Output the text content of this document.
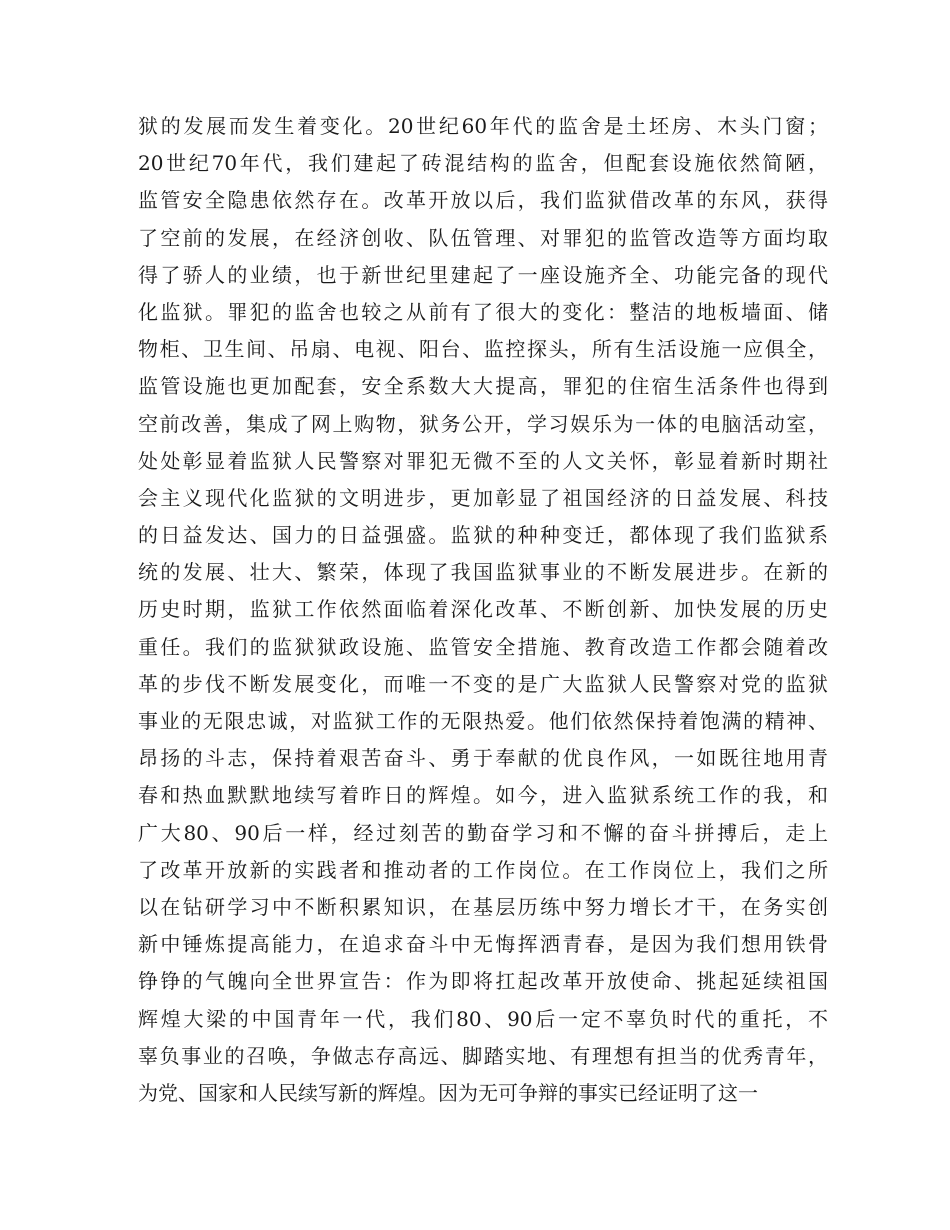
狱的发展而发生着变化。20世纪60年代的监舍是土坯房、木头门窗；
20世纪70年代，我们建起了砖混结构的监舍，但配套设施依然简陋，
监管安全隐患依然存在。改革开放以后，我们监狱借改革的东风，获得
了空前的发展，在经济创收、队伍管理、对罪犯的监管改造等方面均取
得了骄人的业绩，也于新世纪里建起了一座设施齐全、功能完备的现代
化监狱。罪犯的监舍也较之从前有了很大的变化：整洁的地板墙面、储
物柜、卫生间、吊扇、电视、阳台、监控探头，所有生活设施一应俱全，
监管设施也更加配套，安全系数大大提高，罪犯的住宿生活条件也得到
空前改善，集成了网上购物，狱务公开，学习娱乐为一体的电脑活动室，
处处彰显着监狱人民警察对罪犯无微不至的人文关怀，彰显着新时期社
会主义现代化监狱的文明进步，更加彰显了祖国经济的日益发展、科技
的日益发达、国力的日益强盛。监狱的种种变迁，都体现了我们监狱系
统的发展、壮大、繁荣，体现了我国监狱事业的不断发展进步。在新的
历史时期，监狱工作依然面临着深化改革、不断创新、加快发展的历史
重任。我们的监狱狱政设施、监管安全措施、教育改造工作都会随着改
革的步伐不断发展变化，而唯一不变的是广大监狱人民警察对党的监狱
事业的无限忠诚，对监狱工作的无限热爱。他们依然保持着饱满的精神、
昂扬的斗志，保持着艰苦奋斗、勇于奉献的优良作风，一如既往地用青
春和热血默默地续写着昨日的辉煌。如今，进入监狱系统工作的我，和
广大80、90后一样，经过刻苦的勤奋学习和不懈的奋斗拼搏后，走上
了改革开放新的实践者和推动者的工作岗位。在工作岗位上，我们之所
以在钻研学习中不断积累知识，在基层历练中努力增长才干，在务实创
新中锤炼提高能力，在追求奋斗中无悔挥洒青春，是因为我们想用铁骨
铮铮的气魄向全世界宣告：作为即将扛起改革开放使命、挑起延续祖国
辉煌大梁的中国青年一代，我们80、90后一定不辜负时代的重托，不
辜负事业的召唤，争做志存高远、脚踏实地、有理想有担当的优秀青年，
为党、国家和人民续写新的辉煌。因为无可争辩的事实已经证明了这一
